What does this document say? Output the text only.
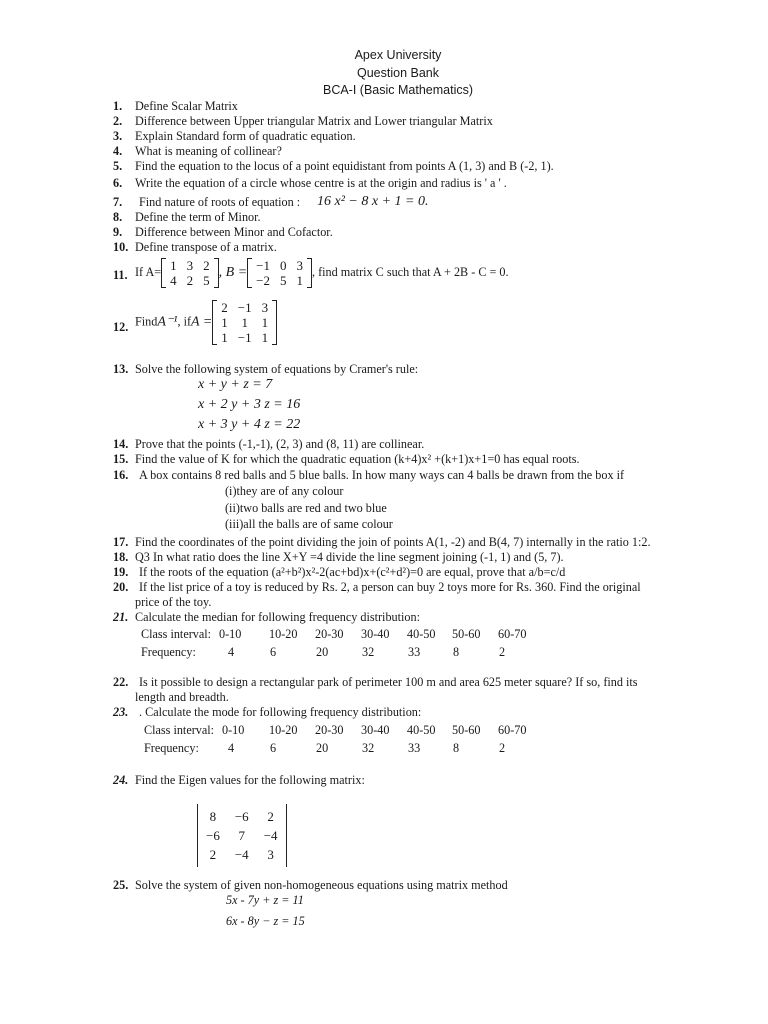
Apex University
Question Bank
BCA-I (Basic Mathematics)
1.	Define Scalar Matrix
2.	Difference between Upper triangular Matrix and Lower triangular Matrix
3.	Explain Standard form of quadratic equation.
4.	What is meaning of collinear?
5.	Find the equation to the locus of a point equidistant from points A (1, 3) and B (-2, 1).
6.	Write the equation of a circle whose centre is at the origin and radius is ' a ' .
7.	Find nature of roots of equation : 16 x² − 8 x + 1 = 0.
8.	Define the term of Minor.
9.	Difference between Minor and Cofactor.
10. Define transpose of a matrix.
11. If A= 1	3	2
4	2	5
, B = −1	0	3
−2	5	1
, find matrix C such that A + 2B - C = 0.
12. FindA⁻¹, ifA =
2	−1	3
1	1	1
1	−1	1
13. Solve the following system of equations by Cramer's rule:
x + y + z = 7
x + 2 y + 3 z = 16
x + 3 y + 4 z = 22
14. Prove that the points (-1,-1), (2, 3) and (8, 11) are collinear.
15. Find the value of K for which the quadratic equation (k+4)x² +(k+1)x+1=0 has equal roots.
16. A box contains 8 red balls and 5 blue balls. In how many ways can 4 balls be drawn from the box if
(i)they are of any colour
(ii)two balls are red and two blue
(iii)all the balls are of same colour
17. Find the coordinates of the point dividing the join of points A(1, -2) and B(4, 7) internally in the ratio 1:2.
18. Q3 In what ratio does the line X+Y =4 divide the line segment joining (-1, 1) and (5, 7).
19. If the roots of the equation (a²+b²)x²-2(ac+bd)x+(c²+d²)=0 are equal, prove that a/b=c/d
20. If the list price of a toy is reduced by Rs. 2, a person can buy 2 toys more for Rs. 360. Find the original
price of the toy.
21. Calculate the median for following frequency distribution:
Class interval:	0-10	10-20	20-30	30-40	40-50	50-60	60-70
Frequency:	4	6	20	32	33	8	2
22. Is it possible to design a rectangular park of perimeter 100 m and area 625 meter square? If so, find its
length and breadth.
23. . Calculate the mode for following frequency distribution:
Class interval:	0-10	10-20	20-30	30-40	40-50	50-60	60-70
Frequency:	4	6	20	32	33	8	2
24. Find the Eigen values for the following matrix:
8	−6	2
−6	7	−4
2	−4	3
25. Solve the system of given non-homogeneous equations using matrix method
5x - 7y + z = 11
6x - 8y − z = 15
